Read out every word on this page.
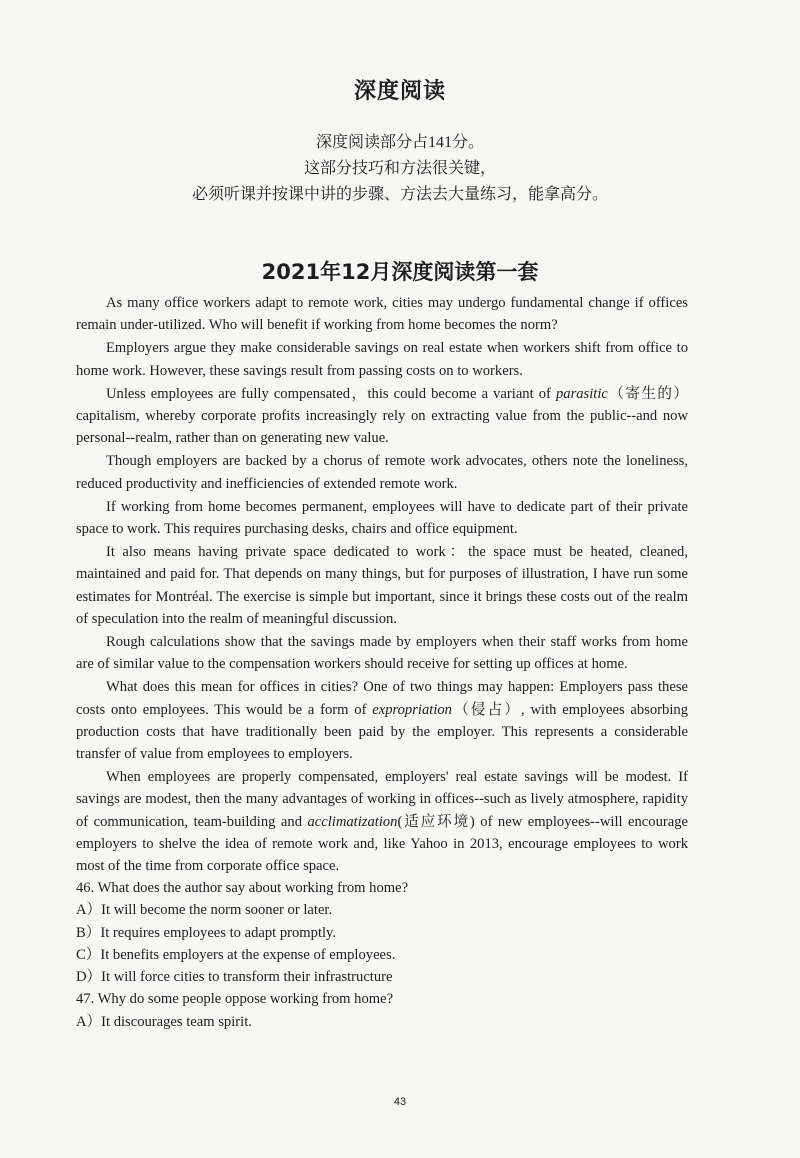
深度阅读
深度阅读部分占141分。
这部分技巧和方法很关键，
必须听课并按课中讲的步骤、方法去大量练习，能拿高分。
2021年12月深度阅读第一套

As many office workers adapt to remote work, cities may undergo fundamental change if offices remain under-utilized. Who will benefit if working from home becomes the norm?

Employers argue they make considerable savings on real estate when workers shift from office to home work. However, these savings result from passing costs on to workers.

Unless employees are fully compensated，this could become a variant of parasitic（寄生的）capitalism, whereby corporate profits increasingly rely on extracting value from the public--and now personal--realm, rather than on generating new value.

Though employers are backed by a chorus of remote work advocates, others note the loneliness, reduced productivity and inefficiencies of extended remote work.

If working from home becomes permanent, employees will have to dedicate part of their private space to work. This requires purchasing desks, chairs and office equipment.

It also means having private space dedicated to work：the space must be heated, cleaned, maintained and paid for. That depends on many things, but for purposes of illustration, I have run some estimates for Montréal. The exercise is simple but important, since it brings these costs out of the realm of speculation into the realm of meaningful discussion.

Rough calculations show that the savings made by employers when their staff works from home are of similar value to the compensation workers should receive for setting up offices at home.

What does this mean for offices in cities? One of two things may happen: Employers pass these costs onto employees. This would be a form of expropriation（侵占）, with employees absorbing production costs that have traditionally been paid by the employer. This represents a considerable transfer of value from employees to employers.

When employees are properly compensated, employers' real estate savings will be modest. If savings are modest, then the many advantages of working in offices--such as lively atmosphere, rapidity of communication, team-building and acclimatization(适应环境) of new employees--will encourage employers to shelve the idea of remote work and, like Yahoo in 2013, encourage employees to work most of the time from corporate office space.

46. What does the author say about working from home?

A）It will become the norm sooner or later.

B）It requires employees to adapt promptly.

C）It benefits employers at the expense of employees.

D）It will force cities to transform their infrastructure

47. Why do some people oppose working from home?

A）It discourages team spirit.

43
